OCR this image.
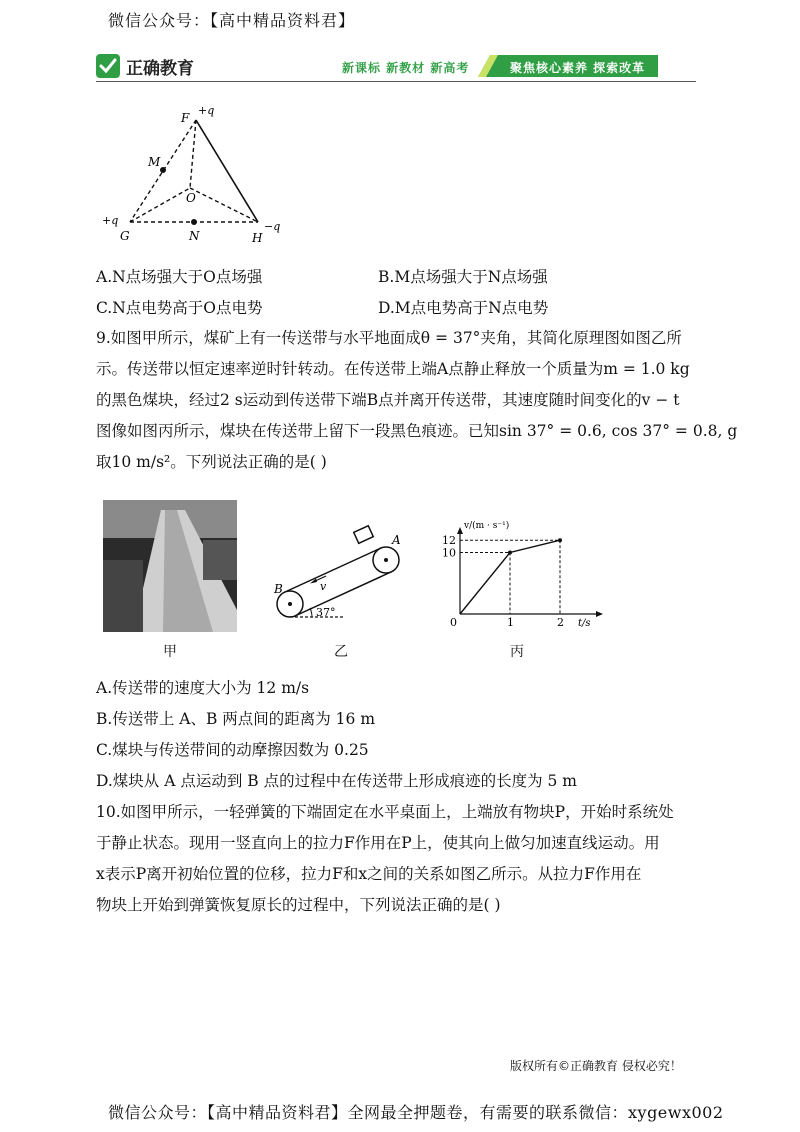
微信公众号：【高中精品资料君】
正确教育	新课标 新教材 新高考	聚焦核心素养 探索改革
F
+q
M
O
+q
G	N	H
−q
A.N点场强大于O点场强	B.M点场强大于N点场强
C.N点电势高于O点电势	D.M点电势高于N点电势
9.如图甲所示，煤矿上有一传送带与水平地面成θ = 37°夹角，其简化原理图如图乙所
示。传送带以恒定速率逆时针转动。在传送带上端A点静止释放一个质量为m = 1.0 kg
的黑色煤块，经过2 s运动到传送带下端B点并离开传送带，其速度随时间变化的v − t
图像如图丙所示，煤块在传送带上留下一段黑色痕迹。已知sin 37° = 0.6, cos 37° = 0.8, g
取10 m/s²。下列说法正确的是( )
B
A
v
37°
v/(m · s⁻¹)
t/s
0	1	2
10
12
甲	乙	丙
A.传送带的速度大小为 12 m/s
B.传送带上 A、B 两点间的距离为 16 m
C.煤块与传送带间的动摩擦因数为 0.25
D.煤块从 A 点运动到 B 点的过程中在传送带上形成痕迹的长度为 5 m
10.如图甲所示，一轻弹簧的下端固定在水平桌面上，上端放有物块P，开始时系统处
于静止状态。现用一竖直向上的拉力F作用在P上，使其向上做匀加速直线运动。用
x表示P离开初始位置的位移，拉力F和x之间的关系如图乙所示。从拉力F作用在
物块上开始到弹簧恢复原长的过程中，下列说法正确的是( )
版权所有©正确教育 侵权必究！
微信公众号：【高中精品资料君】全网最全押题卷，有需要的联系微信：xygewx002
